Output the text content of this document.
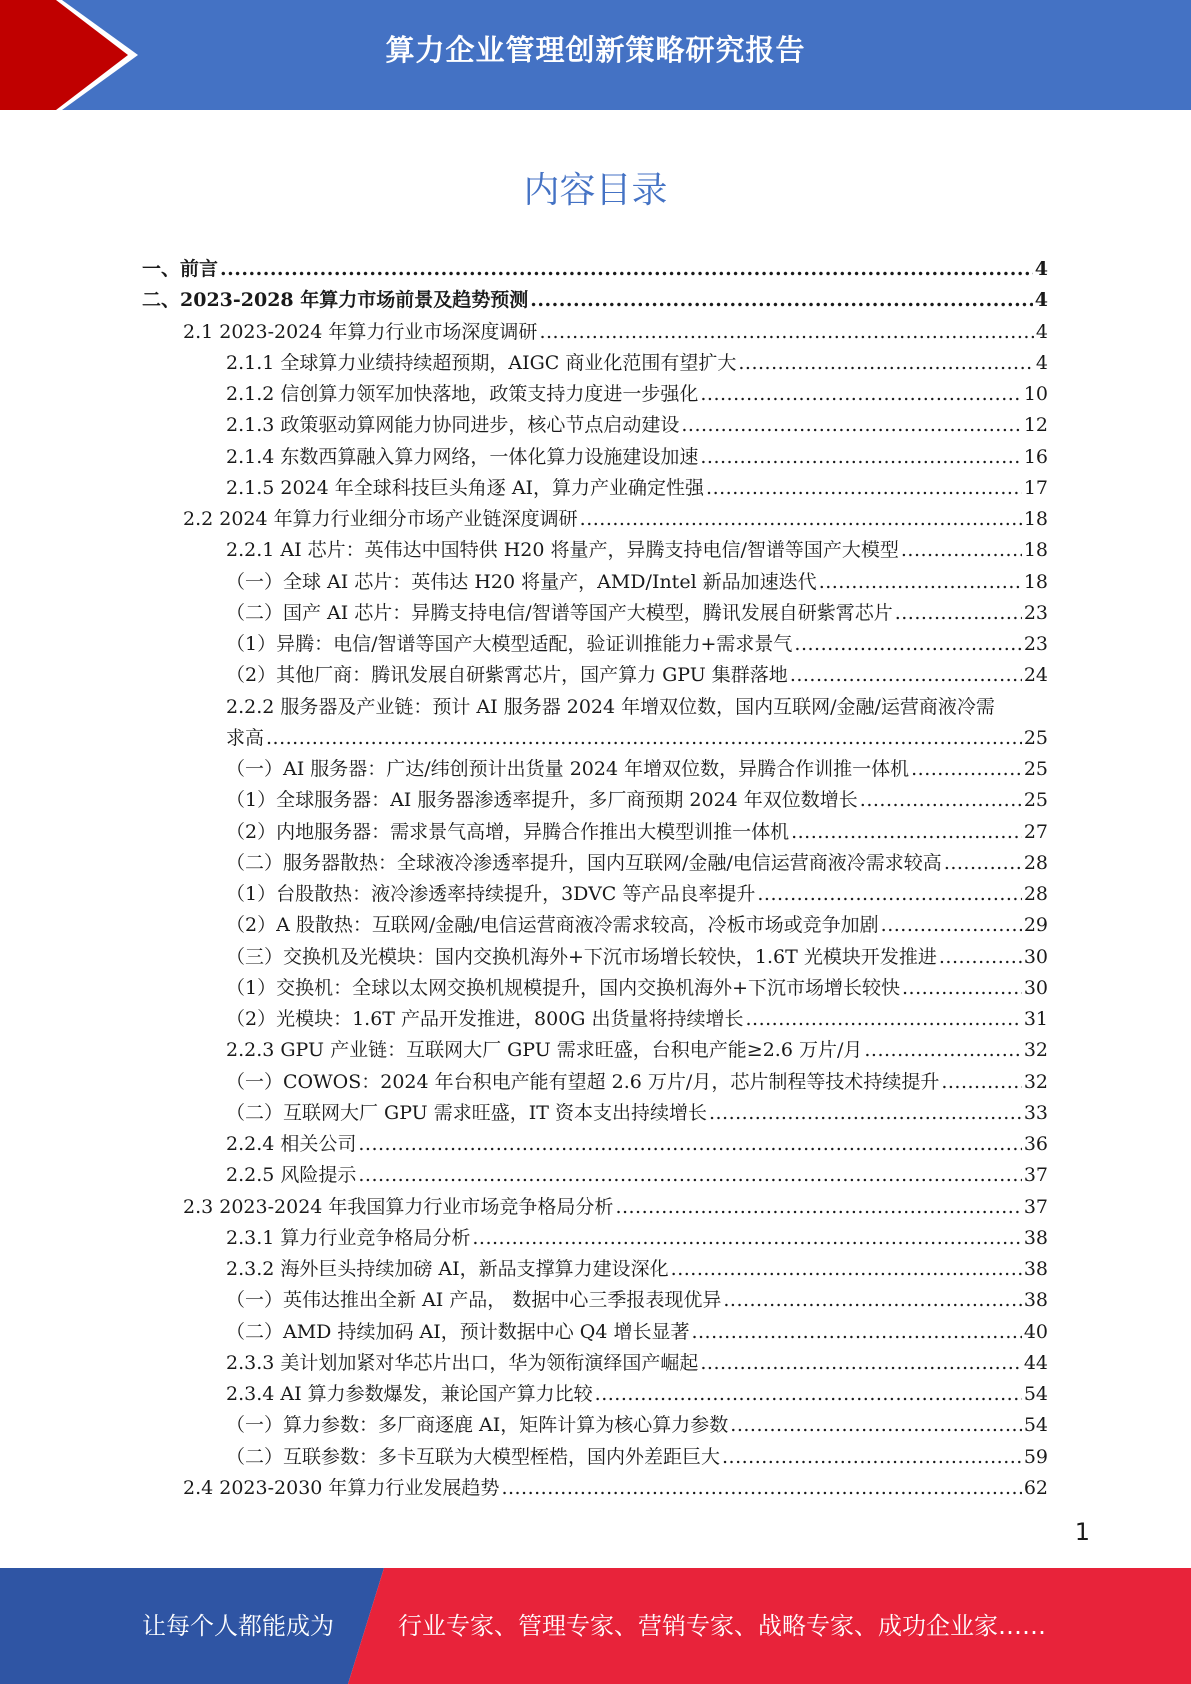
算力企业管理创新策略研究报告
内容目录
一、前言 .....	4
二、2023-2028 年算力市场前景及趋势预测 .....	4
2.1 2023-2024 年算力行业市场深度调研 .....	4
2.1.1 全球算力业绩持续超预期，AIGC 商业化范围有望扩大 .....	4
2.1.2 信创算力领军加快落地，政策支持力度进一步强化 .....	10
2.1.3 政策驱动算网能力协同进步，核心节点启动建设 .....	12
2.1.4 东数西算融入算力网络，一体化算力设施建设加速 .....	16
2.1.5 2024 年全球科技巨头角逐 AI，算力产业确定性强 .....	17
2.2 2024 年算力行业细分市场产业链深度调研 .....	18
2.2.1 AI 芯片：英伟达中国特供 H20 将量产，异腾支持电信/智谱等国产大模型 .....	18
（一）全球 AI 芯片：英伟达 H20 将量产，AMD/Intel 新品加速迭代 .....	18
（二）国产 AI 芯片：异腾支持电信/智谱等国产大模型，腾讯发展自研紫霄芯片 .....	23
（1）异腾：电信/智谱等国产大模型适配，验证训推能力+需求景气 .....	23
（2）其他厂商：腾讯发展自研紫霄芯片，国产算力 GPU 集群落地 .....	24
2.2.2 服务器及产业链：预计 AI 服务器 2024 年增双位数，国内互联网/金融/运营商液冷需
求高 .....	25
（一）AI 服务器：广达/纬创预计出货量 2024 年增双位数，异腾合作训推一体机 .....	25
（1）全球服务器：AI 服务器渗透率提升，多厂商预期 2024 年双位数增长 .....	25
（2）内地服务器：需求景气高增，异腾合作推出大模型训推一体机 .....	27
（二）服务器散热：全球液冷渗透率提升，国内互联网/金融/电信运营商液冷需求较高 .....	28
（1）台股散热：液冷渗透率持续提升，3DVC 等产品良率提升 .....	28
（2）A 股散热：互联网/金融/电信运营商液冷需求较高，冷板市场或竞争加剧 .....	29
（三）交换机及光模块：国内交换机海外+下沉市场增长较快，1.6T 光模块开发推进 .....	30
（1）交换机：全球以太网交换机规模提升，国内交换机海外+下沉市场增长较快 .....	30
（2）光模块：1.6T 产品开发推进，800G 出货量将持续增长 .....	31
2.2.3 GPU 产业链：互联网大厂 GPU 需求旺盛，台积电产能≥2.6 万片/月 .....	32
（一）COWOS：2024 年台积电产能有望超 2.6 万片/月，芯片制程等技术持续提升 .....	32
（二）互联网大厂 GPU 需求旺盛，IT 资本支出持续增长 .....	33
2.2.4 相关公司 .....	36
2.2.5 风险提示 .....	37
2.3 2023-2024 年我国算力行业市场竞争格局分析 .....	37
2.3.1 算力行业竞争格局分析 .....	38
2.3.2 海外巨头持续加磅 AI，新品支撑算力建设深化 .....	38
（一）英伟达推出全新 AI 产品， 数据中心三季报表现优异 .....	38
（二）AMD 持续加码 AI，预计数据中心 Q4 增长显著 .....	40
2.3.3 美计划加紧对华芯片出口，华为领衔演绎国产崛起 .....	44
2.3.4 AI 算力参数爆发，兼论国产算力比较 .....	54
（一）算力参数：多厂商逐鹿 AI，矩阵计算为核心算力参数 .....	54
（二）互联参数：多卡互联为大模型桎梏，国内外差距巨大 .....	59
2.4 2023-2030 年算力行业发展趋势 .....	62
1
让每个人都能成为	行业专家、管理专家、营销专家、战略专家、成功企业家……
